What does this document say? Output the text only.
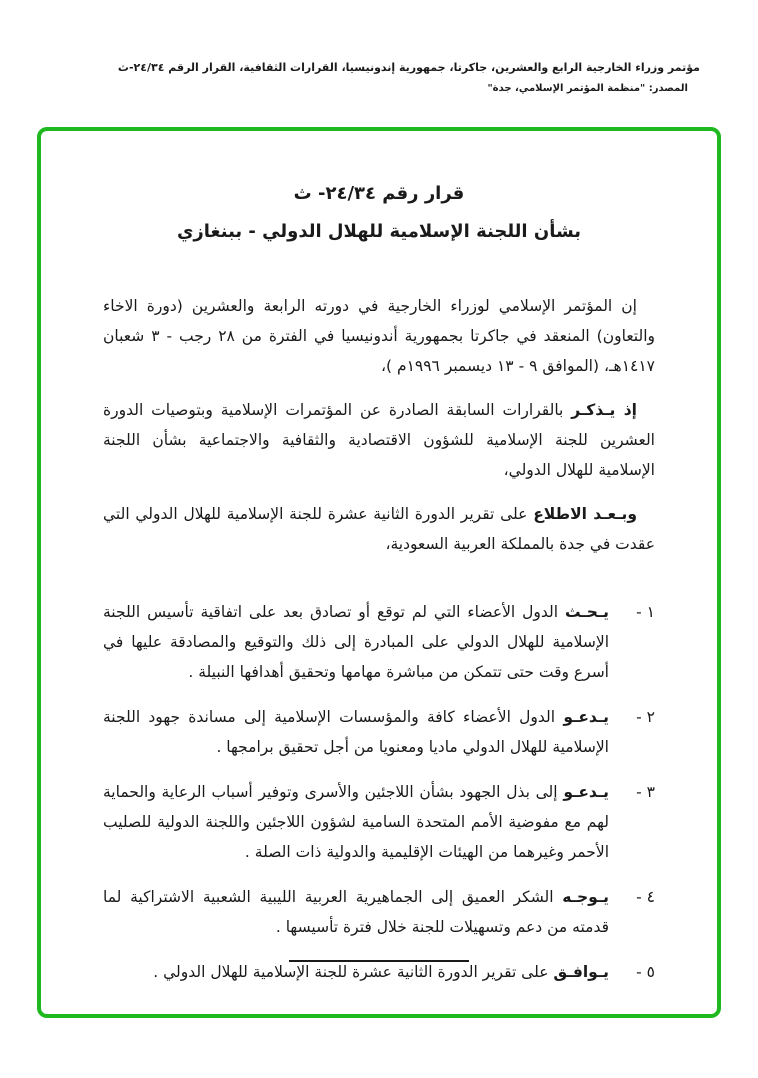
مؤتمر وزراء الخارجية الرابع والعشرين، جاكرتا، جمهورية إندونيسيا، القرارات الثقافية، القرار الرقم ٢٤/٣٤-ث
المصدر: "منظمة المؤتمر الإسلامي، جدة"
قرار رقم ٢٤/٣٤- ث
بشأن اللجنة الإسلامية للهلال الدولي - ببنغازي

إن المؤتمر الإسلامي لوزراء الخارجية في دورته الرابعة والعشرين (دورة الاخاء والتعاون) المنعقد في جاكرتا بجمهورية أندونيسيا في الفترة من ٢٨ رجب - ٣ شعبان ١٤١٧هـ، (الموافق ٩ - ١٣ ديسمبر ١٩٩٦م )،

إذ يـذكـر بالقرارات السابقة الصادرة عن المؤتمرات الإسلامية وبتوصيات الدورة العشرين للجنة الإسلامية للشؤون الاقتصادية والثقافية والاجتماعية بشأن اللجنة الإسلامية للهلال الدولي،

وبـعـد الاطلاع على تقرير الدورة الثانية عشرة للجنة الإسلامية للهلال الدولي التي عقدت في جدة بالمملكة العربية السعودية،

١ -
يـحـث الدول الأعضاء التي لم توقع أو تصادق بعد على اتفاقية تأسيس اللجنة الإسلامية للهلال الدولي على المبادرة إلى ذلك والتوقيع والمصادقة عليها في أسرع وقت حتى تتمكن من مباشرة مهامها وتحقيق أهدافها النبيلة .
٢ -
يـدعـو الدول الأعضاء كافة والمؤسسات الإسلامية إلى مساندة جهود اللجنة الإسلامية للهلال الدولي ماديا ومعنويا من أجل تحقيق برامجها .
٣ -
يـدعـو إلى بذل الجهود بشأن اللاجئين والأسرى وتوفير أسباب الرعاية والحماية لهم مع مفوضية الأمم المتحدة السامية لشؤون اللاجئين واللجنة الدولية للصليب الأحمر وغيرهما من الهيئات الإقليمية والدولية ذات الصلة .
٤ -
يـوجـه الشكر العميق إلى الجماهيرية العربية الليبية الشعبية الاشتراكية لما قدمته من دعم وتسهيلات للجنة خلال فترة تأسيسها .
٥ -
يـوافـق على تقرير الدورة الثانية عشرة للجنة الإسلامية للهلال الدولي .
